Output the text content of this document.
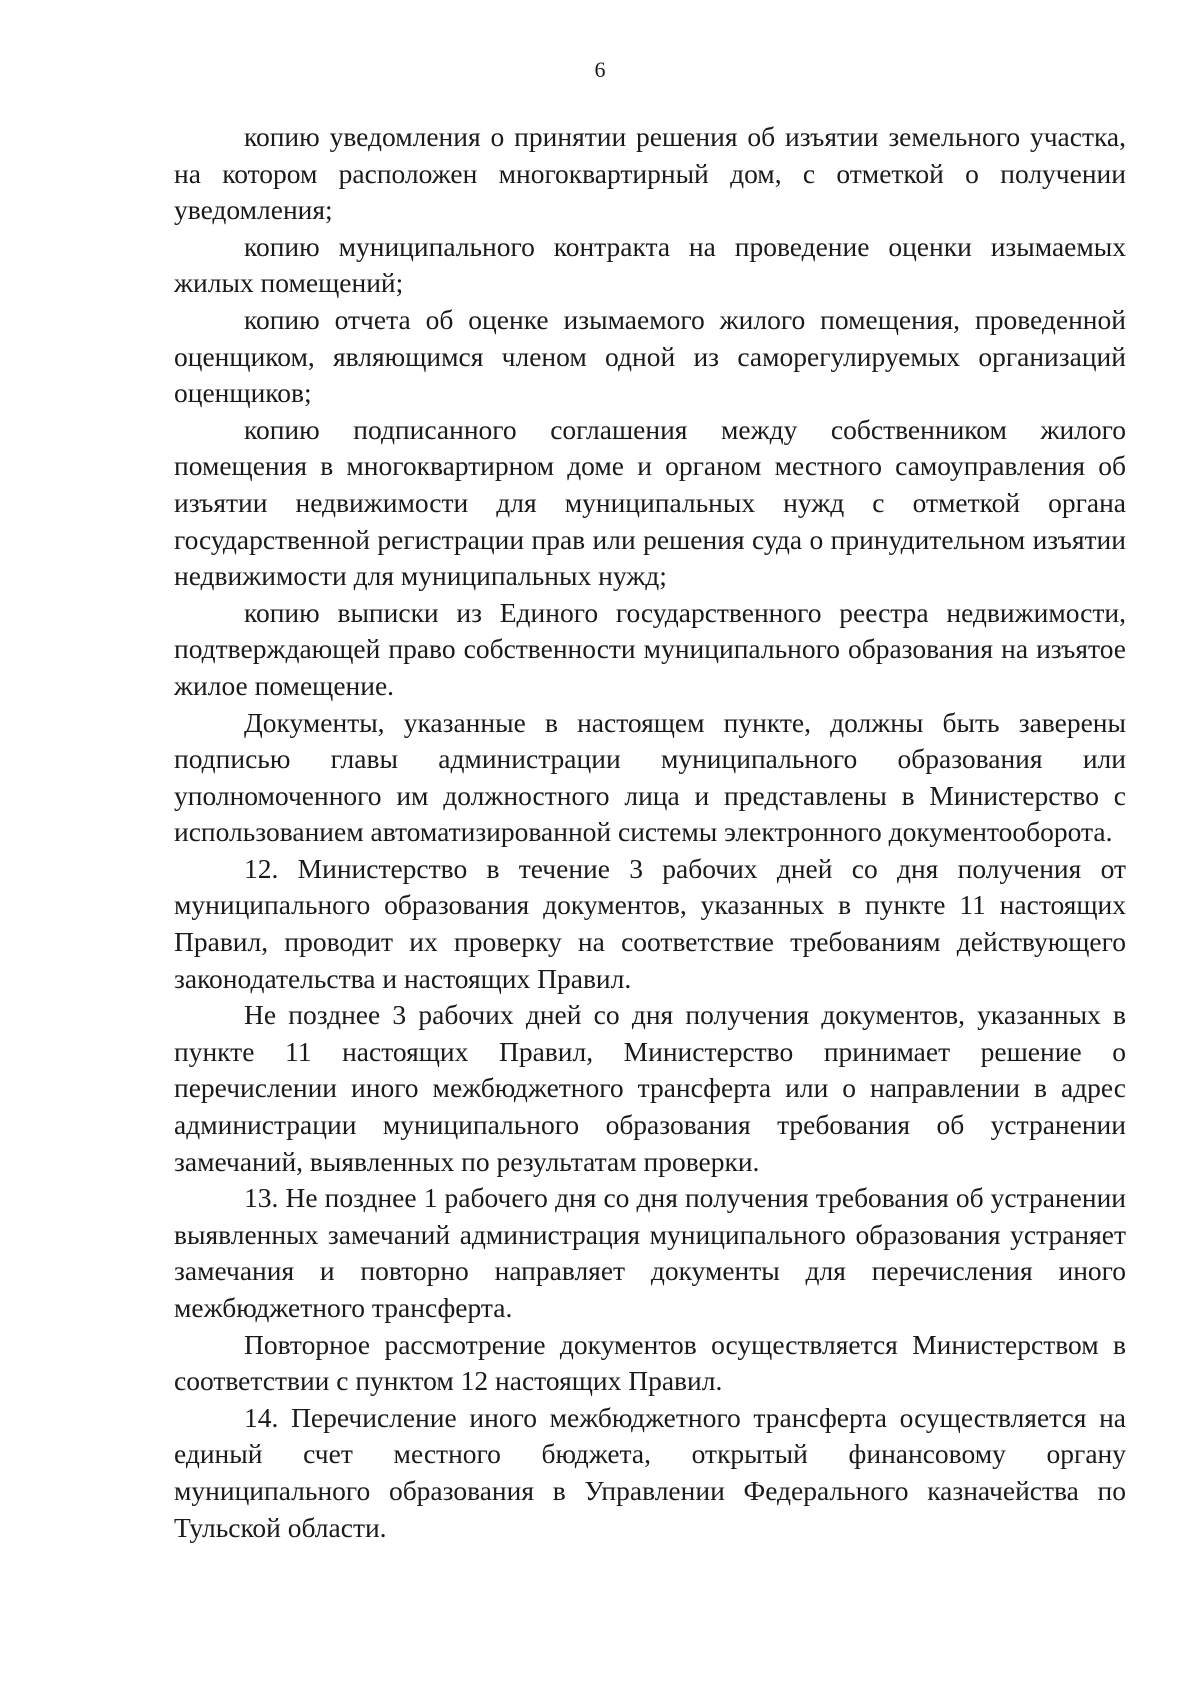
6

копию уведомления о принятии решения об изъятии земельного участка, на котором расположен многоквартирный дом, с отметкой о получении уведомления;

копию муниципального контракта на проведение оценки изымаемых жилых помещений;

копию отчета об оценке изымаемого жилого помещения, проведенной оценщиком, являющимся членом одной из саморегулируемых организаций оценщиков;

копию подписанного соглашения между собственником жилого помещения в многоквартирном доме и органом местного самоуправления об изъятии недвижимости для муниципальных нужд с отметкой органа государственной регистрации прав или решения суда о принудительном изъятии недвижимости для муниципальных нужд;

копию выписки из Единого государственного реестра недвижимости, подтверждающей право собственности муниципального образования на изъятое жилое помещение.

Документы, указанные в настоящем пункте, должны быть заверены подписью главы администрации муниципального образования или уполномоченного им должностного лица и представлены в Министерство с использованием автоматизированной системы электронного документооборота.

12. Министерство в течение 3 рабочих дней со дня получения от муниципального образования документов, указанных в пункте 11 настоящих Правил, проводит их проверку на соответствие требованиям действующего законодательства и настоящих Правил.

Не позднее 3 рабочих дней со дня получения документов, указанных в пункте 11 настоящих Правил, Министерство принимает решение о перечислении иного межбюджетного трансферта или о направлении в адрес администрации муниципального образования требования об устранении замечаний, выявленных по результатам проверки.

13. Не позднее 1 рабочего дня со дня получения требования об устранении выявленных замечаний администрация муниципального образования устраняет замечания и повторно направляет документы для перечисления иного межбюджетного трансферта.

Повторное рассмотрение документов осуществляется Министерством в соответствии с пунктом 12 настоящих Правил.

14. Перечисление иного межбюджетного трансферта осуществляется на единый счет местного бюджета, открытый финансовому органу муниципального образования в Управлении Федерального казначейства по Тульской области.
